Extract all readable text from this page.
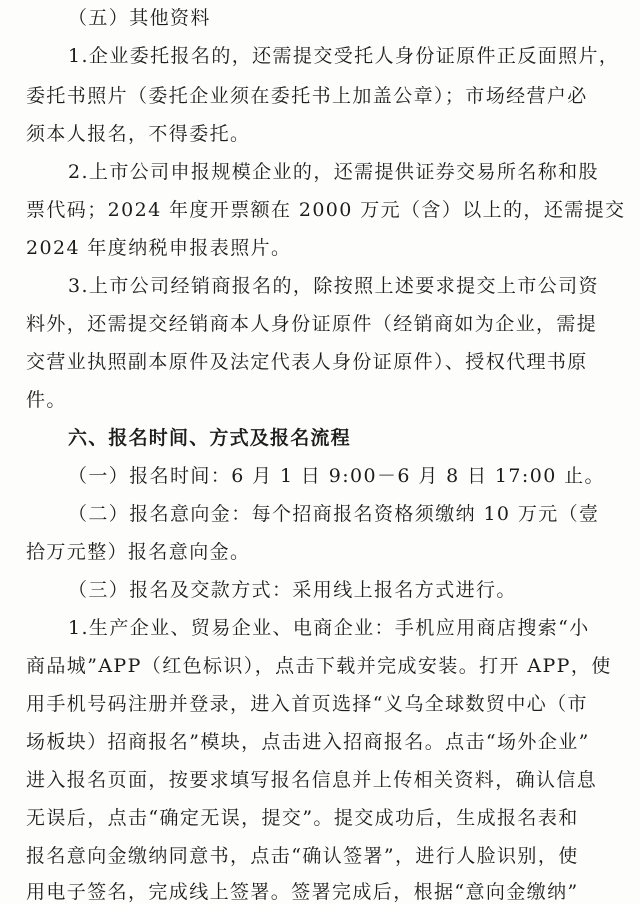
（五）其他资料
1.企业委托报名的，还需提交受托人身份证原件正反面照片，
委托书照片（委托企业须在委托书上加盖公章）；市场经营户必
须本人报名，不得委托。
2.上市公司申报规模企业的，还需提供证券交易所名称和股
票代码；2024 年度开票额在 2000 万元（含）以上的，还需提交
2024 年度纳税申报表照片。
3.上市公司经销商报名的，除按照上述要求提交上市公司资
料外，还需提交经销商本人身份证原件（经销商如为企业，需提
交营业执照副本原件及法定代表人身份证原件）、授权代理书原
件。
六、报名时间、方式及报名流程
（一）报名时间：6 月 1 日 9:00－6 月 8 日 17:00 止。
（二）报名意向金：每个招商报名资格须缴纳 10 万元（壹
拾万元整）报名意向金。
（三）报名及交款方式：采用线上报名方式进行。
1.生产企业、贸易企业、电商企业：手机应用商店搜索“小
商品城”APP（红色标识），点击下载并完成安装。打开 APP，使
用手机号码注册并登录，进入首页选择“义乌全球数贸中心（市
场板块）招商报名”模块，点击进入招商报名。点击“场外企业”
进入报名页面，按要求填写报名信息并上传相关资料，确认信息
无误后，点击“确定无误，提交”。提交成功后，生成报名表和
报名意向金缴纳同意书，点击“确认签署”，进行人脸识别，使
用电子签名，完成线上签署。签署完成后，根据“意向金缴纳”
